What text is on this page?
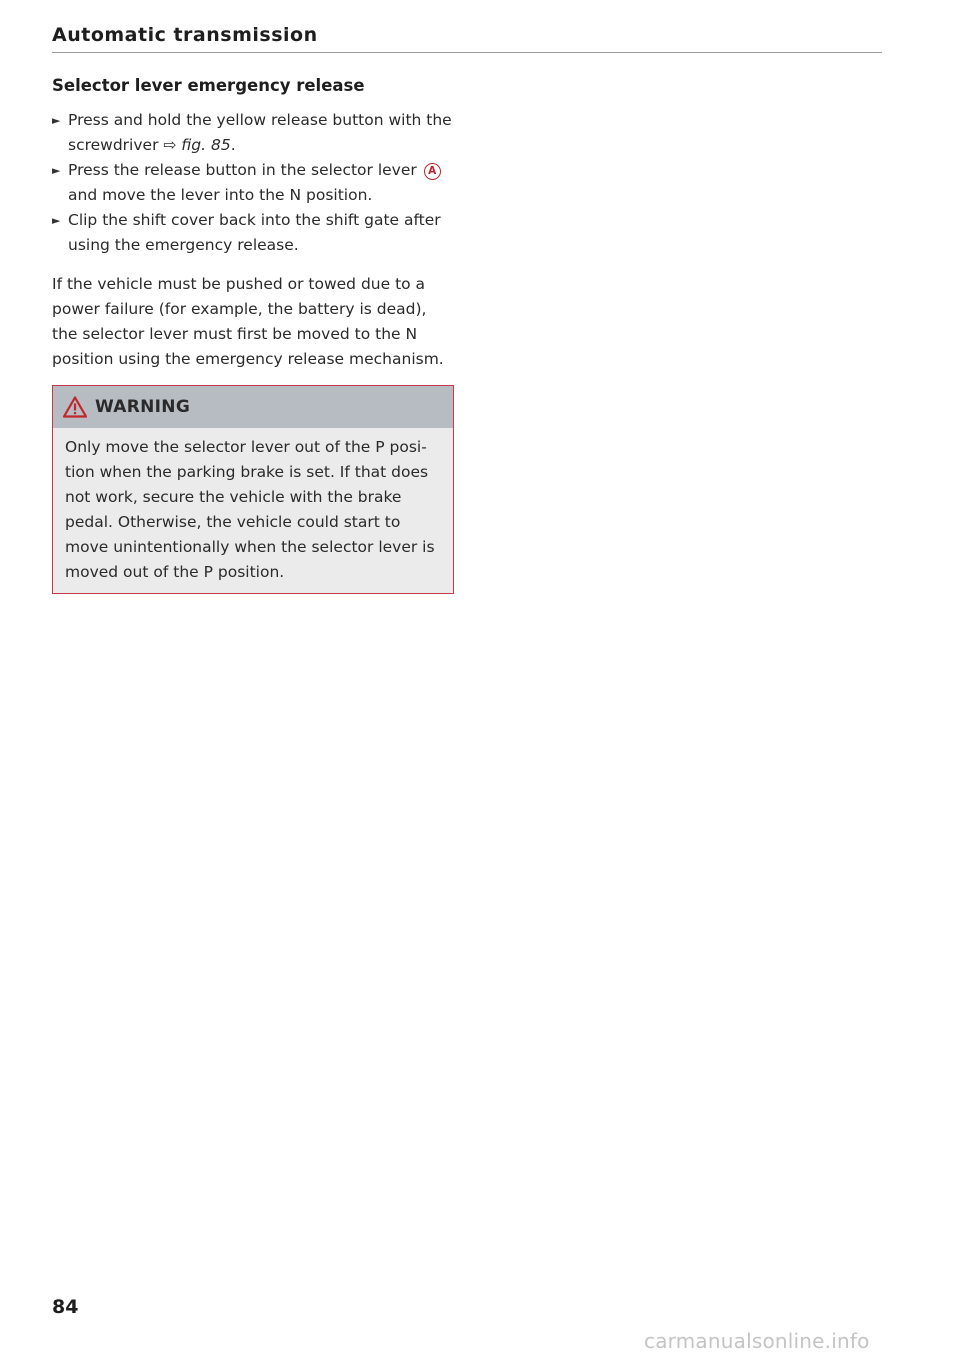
Automatic transmission
Selector lever emergency release
► Press and hold the yellow release button with the screwdriver ⇨ fig. 85.
► Press the release button in the selector lever A and move the lever into the N position.
► Clip the shift cover back into the shift gate after using the emergency release.

If the vehicle must be pushed or towed due to a power failure (for example, the battery is dead), the selector lever must first be moved to the N position using the emergency release mechanism.

WARNING
Only move the selector lever out of the P position when the parking brake is set. If that does not work, secure the vehicle with the brake pedal. Otherwise, the vehicle could start to move unintentionally when the selector lever is moved out of the P position.
84
carmanualsonline.info
